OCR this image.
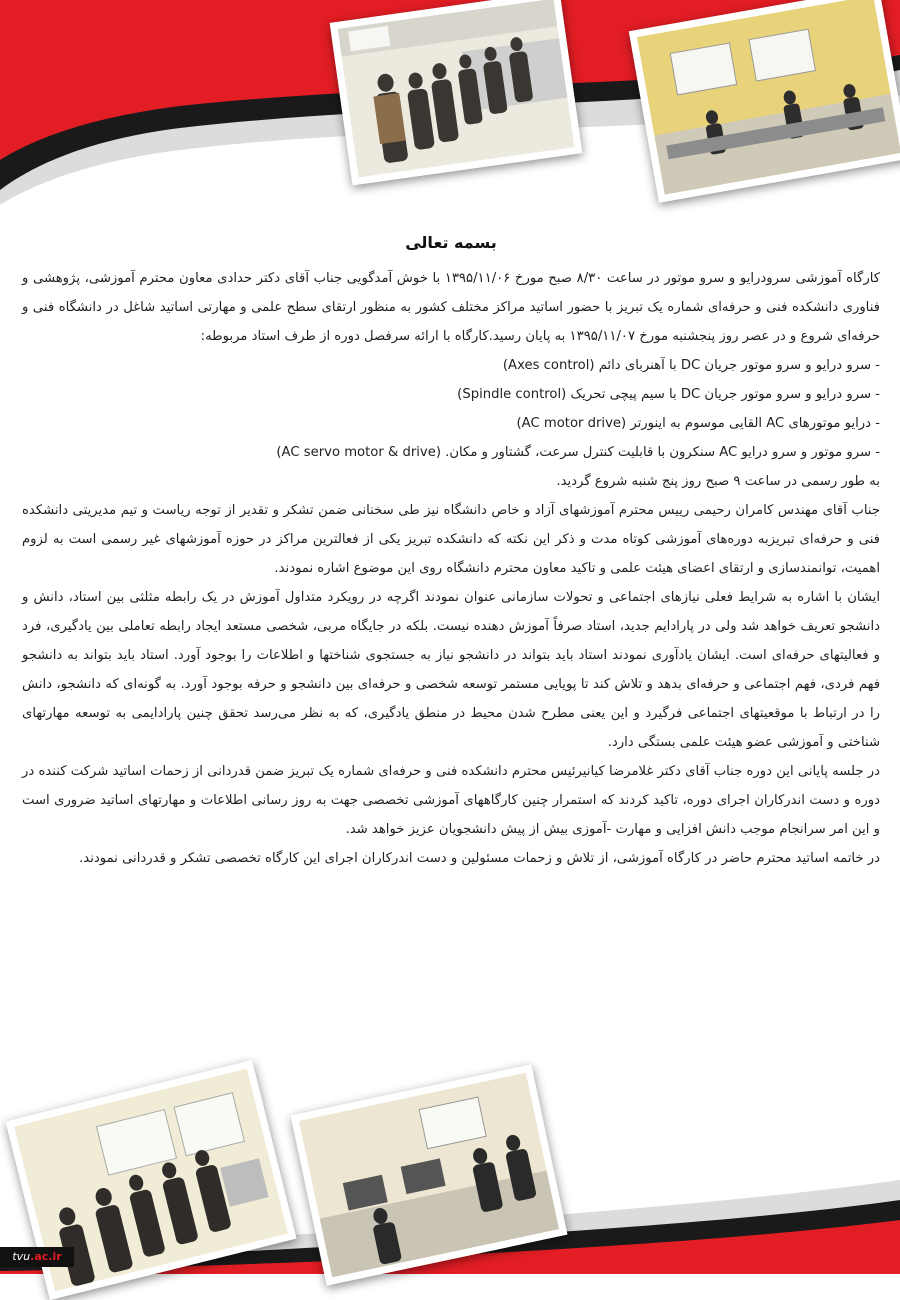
بسمه تعالی

کارگاه آموزشی سرودرایو و سرو موتور در ساعت ۸/۳۰ صبح مورخ ۱۳۹۵/۱۱/۰۶ با خوش آمدگویی جناب آقای دکتر حدادی معاون محترم آموزشی، پژوهشی و فناوری دانشکده فنی و حرفه‌ای شماره یک تبریز با حضور اساتید مراکز مختلف کشور به منظور ارتقای سطح علمی و مهارتی اساتید شاغل در دانشگاه فنی و حرفه‌ای شروع و در عصر روز پنجشنبه مورخ ۱۳۹۵/۱۱/۰۷ به پایان رسید.کارگاه با ارائه سرفصل دوره از طرف استاد مربوطه:

- سرو درایو و سرو موتور جریان DC با آهنربای دائم (Axes control)

- سرو درایو و سرو موتور جریان DC با سیم پیچی تحریک (Spindle control)

- درایو موتورهای AC القایی موسوم به اینورتر (AC motor drive)

- سرو موتور و سرو درایو AC سنکرون با قابلیت کنترل سرعت، گشتاور و مکان. (AC servo motor & drive)

به طور رسمی در ساعت ۹ صبح روز پنج شنبه شروع گردید.

جناب آقای مهندس کامران رحیمی رییس محترم آموزشهای آزاد و خاص دانشگاه نیز طی سخنانی ضمن تشکر و تقدیر از توجه ریاست و تیم مدیریتی دانشکده فنی و حرفه‌ای تبریزبه دوره‌های آموزشی کوتاه مدت و ذکر این نکته که دانشکده تبریز یکی از فعالترین مراکز در حوزه آموزشهای غیر رسمی است به لزوم اهمیت، توانمندسازی و ارتقای اعضای هیئت علمی و تاکید معاون محترم دانشگاه روی این موضوع اشاره نمودند.

ایشان با اشاره به شرایط فعلی نیازهای اجتماعی و تحولات سازمانی عنوان نمودند اگرچه در رویکرد متداول آموزش در یک رابطه مثلثی بین استاد، دانش و دانشجو تعریف خواهد شد ولی در پارادایم جدید، استاد صرفاً آموزش دهنده نیست. بلکه در جایگاه مربی، شخصی مستعد ایجاد رابطه تعاملی بین یادگیری، فرد و فعالیتهای حرفه‌ای است. ایشان یادآوری نمودند استاد باید بتواند در دانشجو نیاز به جستجوی شناختها و اطلاعات را بوجود آورد. استاد باید بتواند به دانشجو فهم فردی، فهم اجتماعی و حرفه‌ای بدهد و تلاش کند تا پویایی مستمر توسعه شخصی و حرفه‌ای بین دانشجو و حرفه بوجود آورد. به گونه‌ای که دانشجو، دانش را در ارتباط با موقعیتهای اجتماعی فرگیرد و این یعنی مطرح شدن محیط در منطق یادگیری، که به نظر می‌رسد تحقق چنین پارادایمی به توسعه مهارتهای شناختی و آموزشی عضو هیئت علمی بستگی دارد.

در جلسه پایانی این دوره جناب آقای دکتر غلامرضا کیانیرئیس محترم دانشکده فنی و حرفه‌ای شماره یک تبریز ضمن قدردانی از زحمات اساتید شرکت کننده در دوره و دست اندرکاران اجرای دوره، تاکید کردند که استمرار چنین کارگاههای آموزشی تخصصی جهت به روز رسانی اطلاعات و مهارتهای اساتید ضروری است و این امر سرانجام موجب دانش افزایی و مهارت -آموزی بیش از پیش دانشجویان عزیز خواهد شد.

در خاتمه اساتید محترم حاضر در کارگاه آموزشی، از تلاش و زحمات مسئولین و دست اندرکاران اجرای این کارگاه تخصصی تشکر و قدردانی نمودند.

tvu.ac.ir
